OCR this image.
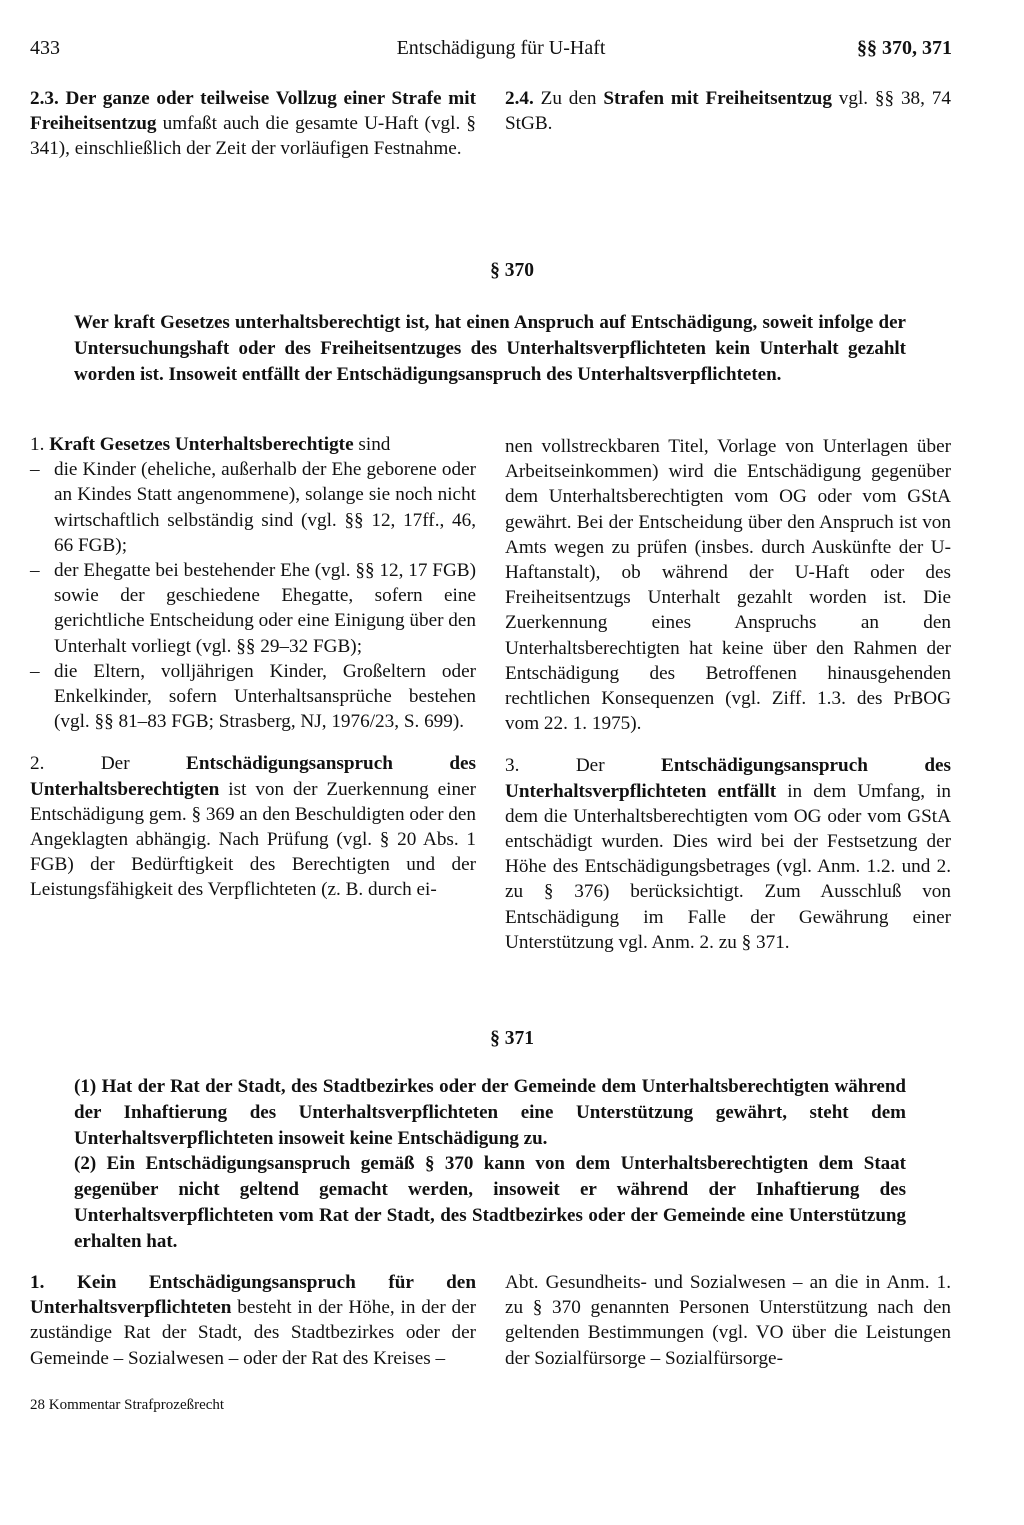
433	Entschädigung für U-Haft	§§ 370, 371

2.3. Der ganze oder teilweise Vollzug einer Strafe mit Freiheitsentzug umfaßt auch die gesamte U-Haft (vgl. § 341), einschließlich der Zeit der vorläufigen Festnahme.

2.4. Zu den Strafen mit Freiheitsentzug vgl. §§ 38, 74 StGB.

§ 370

Wer kraft Gesetzes unterhaltsberechtigt ist, hat einen Anspruch auf Entschädigung, soweit infolge der Untersuchungshaft oder des Freiheitsentzuges des Unterhaltsverpflichteten kein Unterhalt gezahlt worden ist. Insoweit entfällt der Entschädigungsanspruch des Unterhaltsverpflichteten.

1. Kraft Gesetzes Unterhaltsberechtigte sind

– die Kinder (eheliche, außerhalb der Ehe geborene oder an Kindes Statt angenommene), solange sie noch nicht wirtschaftlich selbständig sind (vgl. §§ 12, 17ff., 46, 66 FGB);
– der Ehegatte bei bestehender Ehe (vgl. §§ 12, 17 FGB) sowie der geschiedene Ehegatte, sofern eine gerichtliche Entscheidung oder eine Einigung über den Unterhalt vorliegt (vgl. §§ 29–32 FGB);
– die Eltern, volljährigen Kinder, Großeltern oder Enkelkinder, sofern Unterhaltsansprüche bestehen (vgl. §§ 81–83 FGB; Strasberg, NJ, 1976/23, S. 699).

2. Der Entschädigungsanspruch des Unterhaltsberechtigten ist von der Zuerkennung einer Entschädigung gem. § 369 an den Beschuldigten oder den Angeklagten abhängig. Nach Prüfung (vgl. § 20 Abs. 1 FGB) der Bedürftigkeit des Berechtigten und der Leistungsfähigkeit des Verpflichteten (z. B. durch ei-

nen vollstreckbaren Titel, Vorlage von Unterlagen über Arbeitseinkommen) wird die Entschädigung gegenüber dem Unterhaltsberechtigten vom OG oder vom GStA gewährt. Bei der Entscheidung über den Anspruch ist von Amts wegen zu prüfen (insbes. durch Auskünfte der U-Haftanstalt), ob während der U-Haft oder des Freiheitsentzugs Unterhalt gezahlt worden ist. Die Zuerkennung eines Anspruchs an den Unterhaltsberechtigten hat keine über den Rahmen der Entschädigung des Betroffenen hinausgehenden rechtlichen Konsequenzen (vgl. Ziff. 1.3. des PrBOG vom 22. 1. 1975).

3. Der Entschädigungsanspruch des Unterhaltsverpflichteten entfällt in dem Umfang, in dem die Unterhaltsberechtigten vom OG oder vom GStA entschädigt wurden. Dies wird bei der Festsetzung der Höhe des Entschädigungsbetrages (vgl. Anm. 1.2. und 2. zu § 376) berücksichtigt. Zum Ausschluß von Entschädigung im Falle der Gewährung einer Unterstützung vgl. Anm. 2. zu § 371.

§ 371

(1) Hat der Rat der Stadt, des Stadtbezirkes oder der Gemeinde dem Unterhaltsberechtigten während der Inhaftierung des Unterhaltsverpflichteten eine Unterstützung gewährt, steht dem Unterhaltsverpflichteten insoweit keine Entschädigung zu.

(2) Ein Entschädigungsanspruch gemäß § 370 kann von dem Unterhaltsberechtigten dem Staat gegenüber nicht geltend gemacht werden, insoweit er während der Inhaftierung des Unterhaltsverpflichteten vom Rat der Stadt, des Stadtbezirkes oder der Gemeinde eine Unterstützung erhalten hat.

1. Kein Entschädigungsanspruch für den Unterhaltsverpflichteten besteht in der Höhe, in der der zuständige Rat der Stadt, des Stadtbezirkes oder der Gemeinde – Sozialwesen – oder der Rat des Kreises –

Abt. Gesundheits- und Sozialwesen – an die in Anm. 1. zu § 370 genannten Personen Unterstützung nach den geltenden Bestimmungen (vgl. VO über die Leistungen der Sozialfürsorge – Sozialfürsorge-

28 Kommentar Strafprozeßrecht
